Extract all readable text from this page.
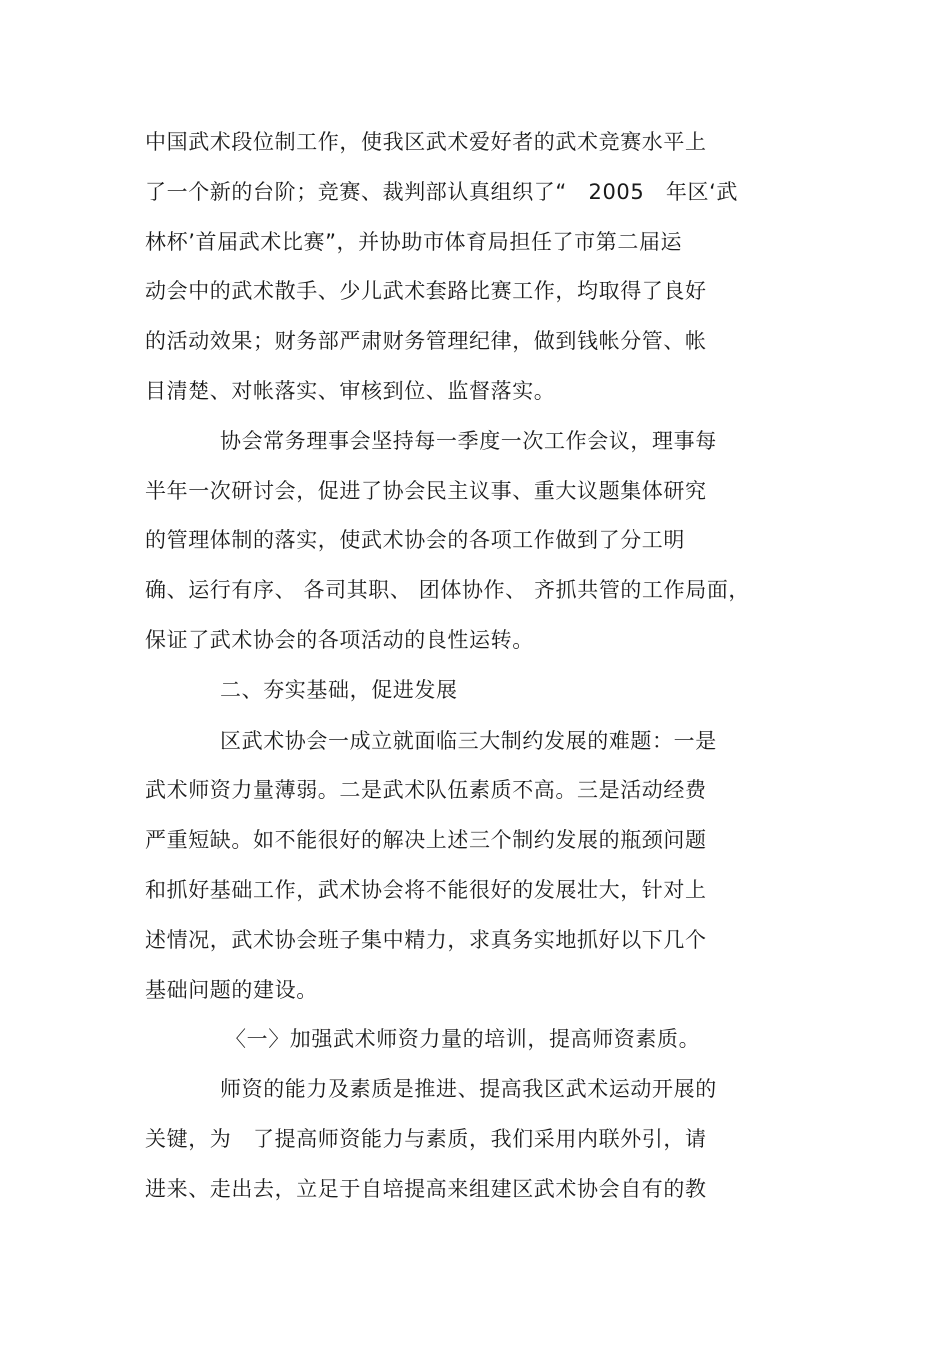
中国武术段位制工作，使我区武术爱好者的武术竞赛水平上
了一个新的台阶；竞赛、裁判部认真组织了“　2005　年区‘武
林杯’首届武术比赛”，并协助市体育局担任了市第二届运
动会中的武术散手、少儿武术套路比赛工作，均取得了良好
的活动效果；财务部严肃财务管理纪律，做到钱帐分管、帐
目清楚、对帐落实、审核到位、监督落实。
协会常务理事会坚持每一季度一次工作会议，理事每
半年一次研讨会，促进了协会民主议事、重大议题集体研究
的管理体制的落实，使武术协会的各项工作做到了分工明
确、运行有序、 各司其职、 团体协作、 齐抓共管的工作局面，
保证了武术协会的各项活动的良性运转。
二、夯实基础，促进发展
区武术协会一成立就面临三大制约发展的难题：一是
武术师资力量薄弱。二是武术队伍素质不高。三是活动经费
严重短缺。如不能很好的解决上述三个制约发展的瓶颈问题
和抓好基础工作，武术协会将不能很好的发展壮大，针对上
述情况，武术协会班子集中精力，求真务实地抓好以下几个
基础问题的建设。
〈一〉加强武术师资力量的培训，提高师资素质。
师资的能力及素质是推进、提高我区武术运动开展的
关键，为　了提高师资能力与素质，我们采用内联外引，请
进来、走出去，立足于自培提高来组建区武术协会自有的教
